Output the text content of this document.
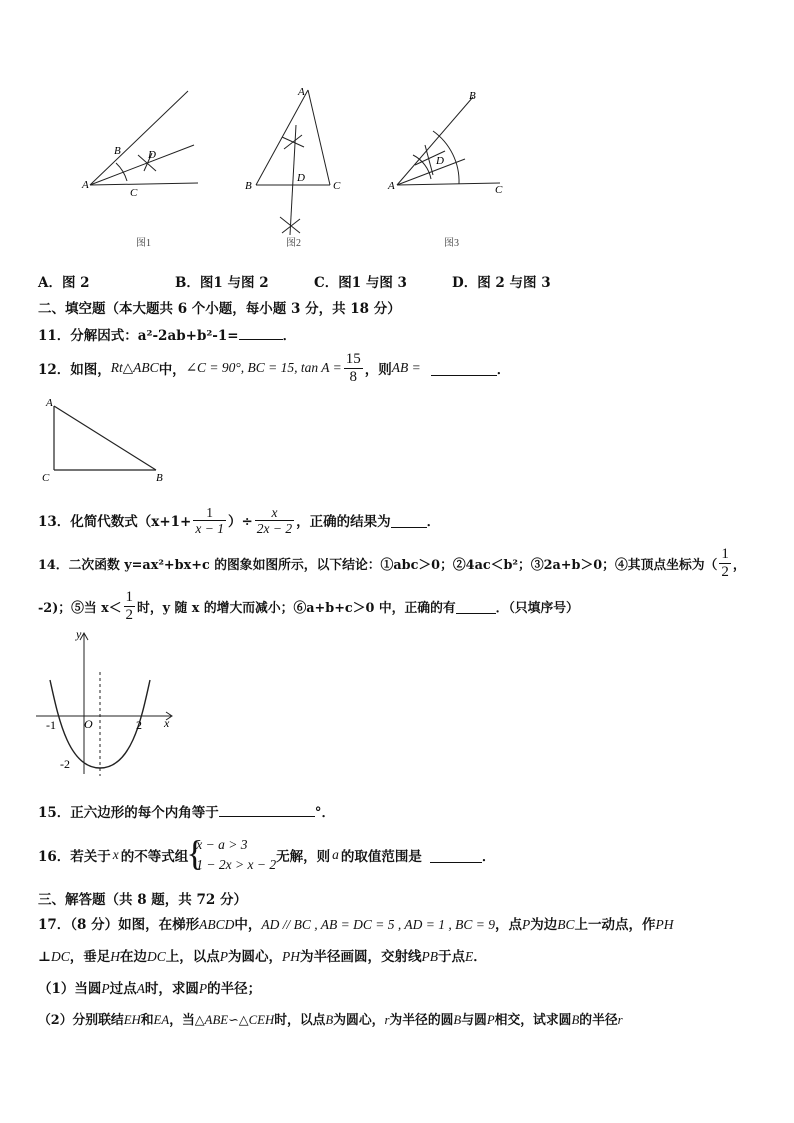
A
B
C
D
图1
A
B	C
D
图2
A
B
C
D
图3
A．图 2	B．图1 与图 2	C．图1 与图 3	D．图 2 与图 3
二、填空题（本大题共 6 个小题，每小题 3 分，共 18 分）
11．分解因式：a²-2ab+b²-1=	．
12．如图， Rt△ABC 中， ∠C = 90°, BC = 15, $\tan A = \frac{15}{8}$ ，则 AB =	．
A
C	B
13．化简代数式（$x+1+ \frac{1}{x - 1}$ ）÷ $\frac{x}{2x - 2}$ ，正确的结果为	．
14．二次函数 y=ax²+bx+c 的图象如图所示，以下结论：①abc＞0；②4ac＜b²；③2a+b＞0；④其顶点坐标为（ $\frac{1}{2}$ ，
-2)；⑤当 $x< \frac{1}{2}$ 时，y 随 x 的增大而减小；⑥a+b+c＞0 中，正确的有	．（只填序号）
y
x
O
-1	2
-2
15．正六边形的每个内角等于	°．
16．若关于 x 的不等式组
{
x − a > 3
1 − 2x > x − 2 无解，则 a 的取值范围是	．
三、解答题（共 8 题，共 72 分）
17．（8 分）如图，在梯形ABCD中，AD // BC , AB = DC = 5 , AD = 1 , BC = 9，点P为边BC上一动点，作PH
⊥DC，垂足H在边DC上，以点P为圆心，PH为半径画圆，交射线PB于点E．
（1）当圆P过点A时，求圆P的半径；
（2）分别联结EH和EA，当△ABE∽△CEH时，以点B为圆心，r为半径的圆B与圆P相交，试求圆B的半径r
